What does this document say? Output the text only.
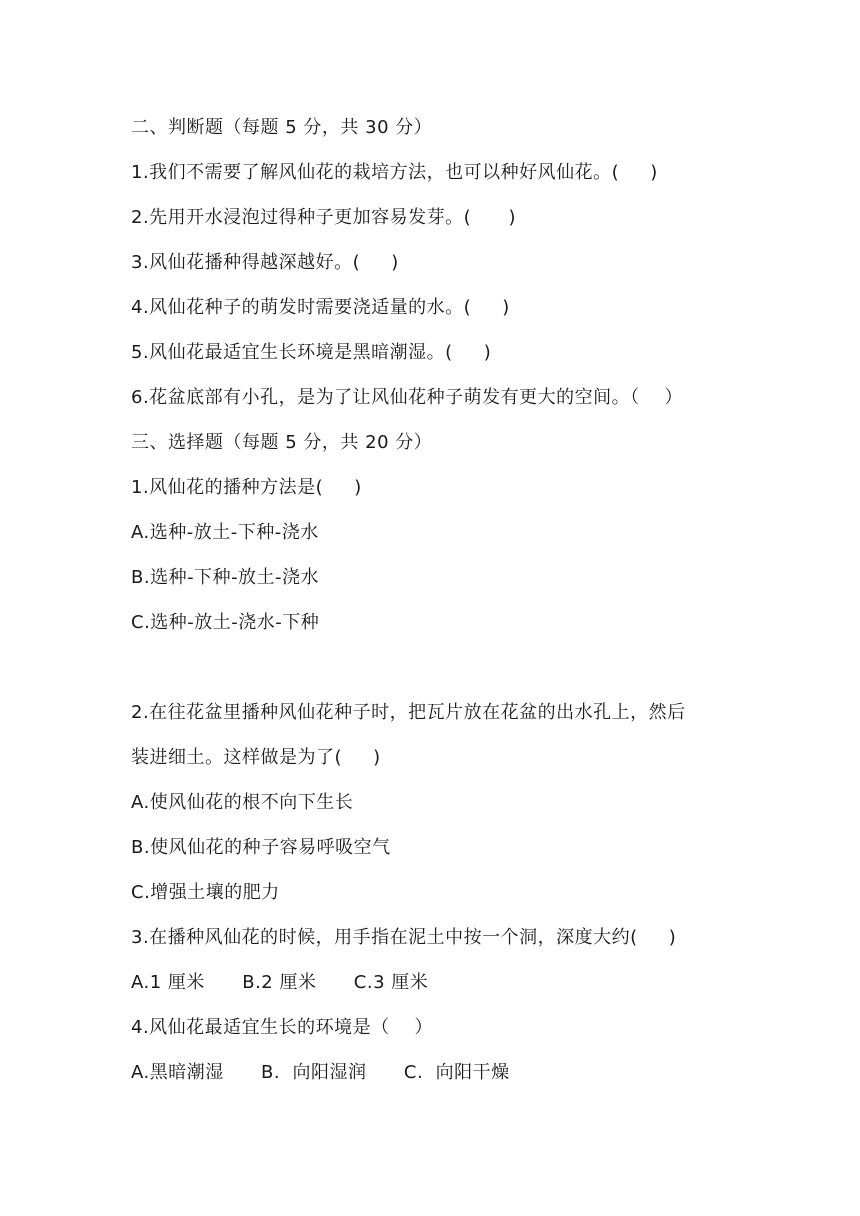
二、判断题（每题 5 分，共 30 分）
1.我们不需要了解风仙花的栽培方法，也可以种好风仙花。(     )
2.先用开水浸泡过得种子更加容易发芽。(      )
3.风仙花播种得越深越好。(     )
4.风仙花种子的萌发时需要浇适量的水。(     )
5.风仙花最适宜生长环境是黑暗潮湿。(     )
6.花盆底部有小孔，是为了让风仙花种子萌发有更大的空间。（    ）
三、选择题（每题 5 分，共 20 分）
1.风仙花的播种方法是(     )
A.选种-放土-下种-浇水
B.选种-下种-放土-浇水
C.选种-放土-浇水-下种
2.在往花盆里播种风仙花种子时，把瓦片放在花盆的出水孔上，然后
装进细土。这样做是为了(     )
A.使风仙花的根不向下生长
B.使风仙花的种子容易呼吸空气
C.增强土壤的肥力
3.在播种风仙花的时候，用手指在泥土中按一个洞，深度大约(     )
A.1 厘米      B.2 厘米      C.3 厘米
4.风仙花最适宜生长的环境是（    ）
A.黑暗潮湿      B.  向阳湿润      C.  向阳干燥
